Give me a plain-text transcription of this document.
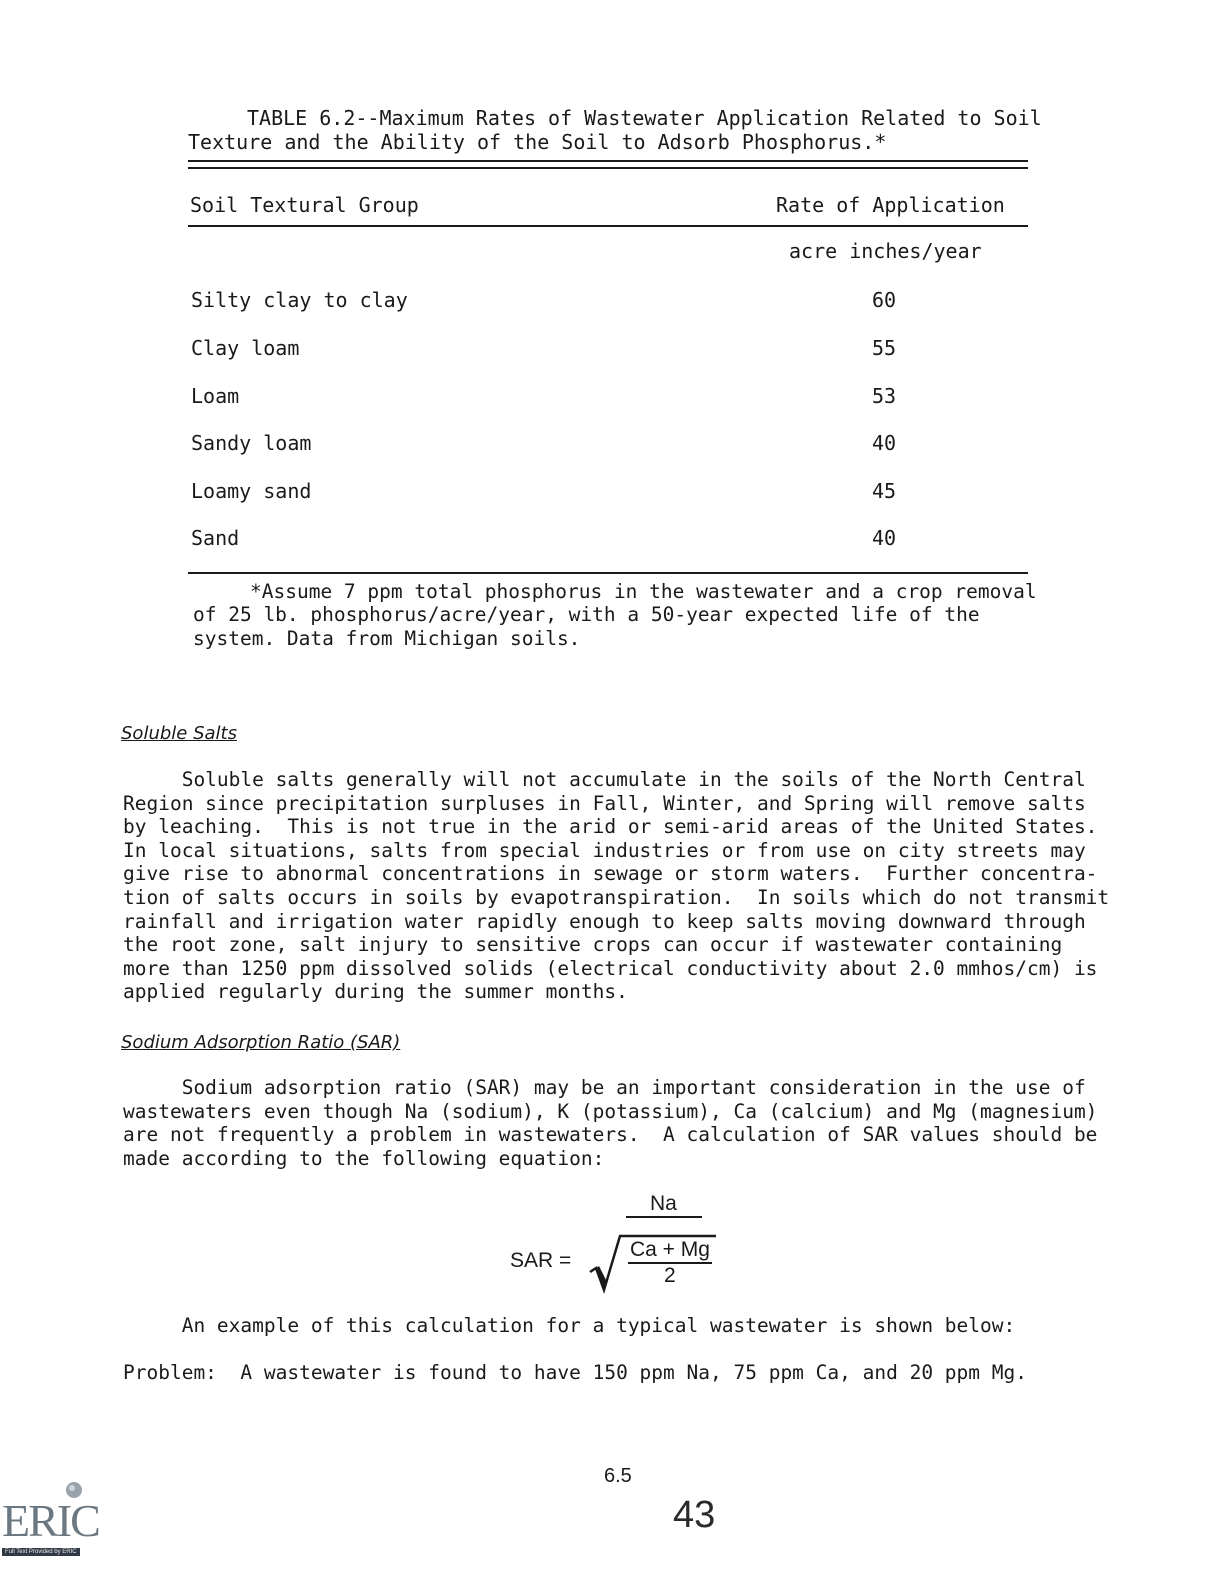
TABLE 6.2--Maximum Rates of Wastewater Application Related to Soil
Texture and the Ability of the Soil to Adsorb Phosphorus.*
Soil Textural Group	Rate of Application
acre inches/year
Silty clay to clay	60
Clay loam	55
Loam	53
Sandy loam	40
Loamy sand	45
Sand	40
*Assume 7 ppm total phosphorus in the wastewater and a crop removal
of 25 lb. phosphorus/acre/year, with a 50-year expected life of the
system. Data from Michigan soils.
Soluble Salts
Soluble salts generally will not accumulate in the soils of the North Central
Region since precipitation surpluses in Fall, Winter, and Spring will remove salts
by leaching.  This is not true in the arid or semi-arid areas of the United States.
In local situations, salts from special industries or from use on city streets may
give rise to abnormal concentrations in sewage or storm waters.  Further concentra-
tion of salts occurs in soils by evapotranspiration.  In soils which do not transmit
rainfall and irrigation water rapidly enough to keep salts moving downward through
the root zone, salt injury to sensitive crops can occur if wastewater containing
more than 1250 ppm dissolved solids (electrical conductivity about 2.0 mmhos/cm) is
applied regularly during the summer months.
Sodium Adsorption Ratio (SAR)
Sodium adsorption ratio (SAR) may be an important consideration in the use of
wastewaters even though Na (sodium), K (potassium), Ca (calcium) and Mg (magnesium)
are not frequently a problem in wastewaters.  A calculation of SAR values should be
made according to the following equation:
SAR =
Na
Ca + Mg
2
An example of this calculation for a typical wastewater is shown below:
Problem:  A wastewater is found to have 150 ppm Na, 75 ppm Ca, and 20 ppm Mg.
6.5
43
ERIC
Full Text Provided by ERIC
